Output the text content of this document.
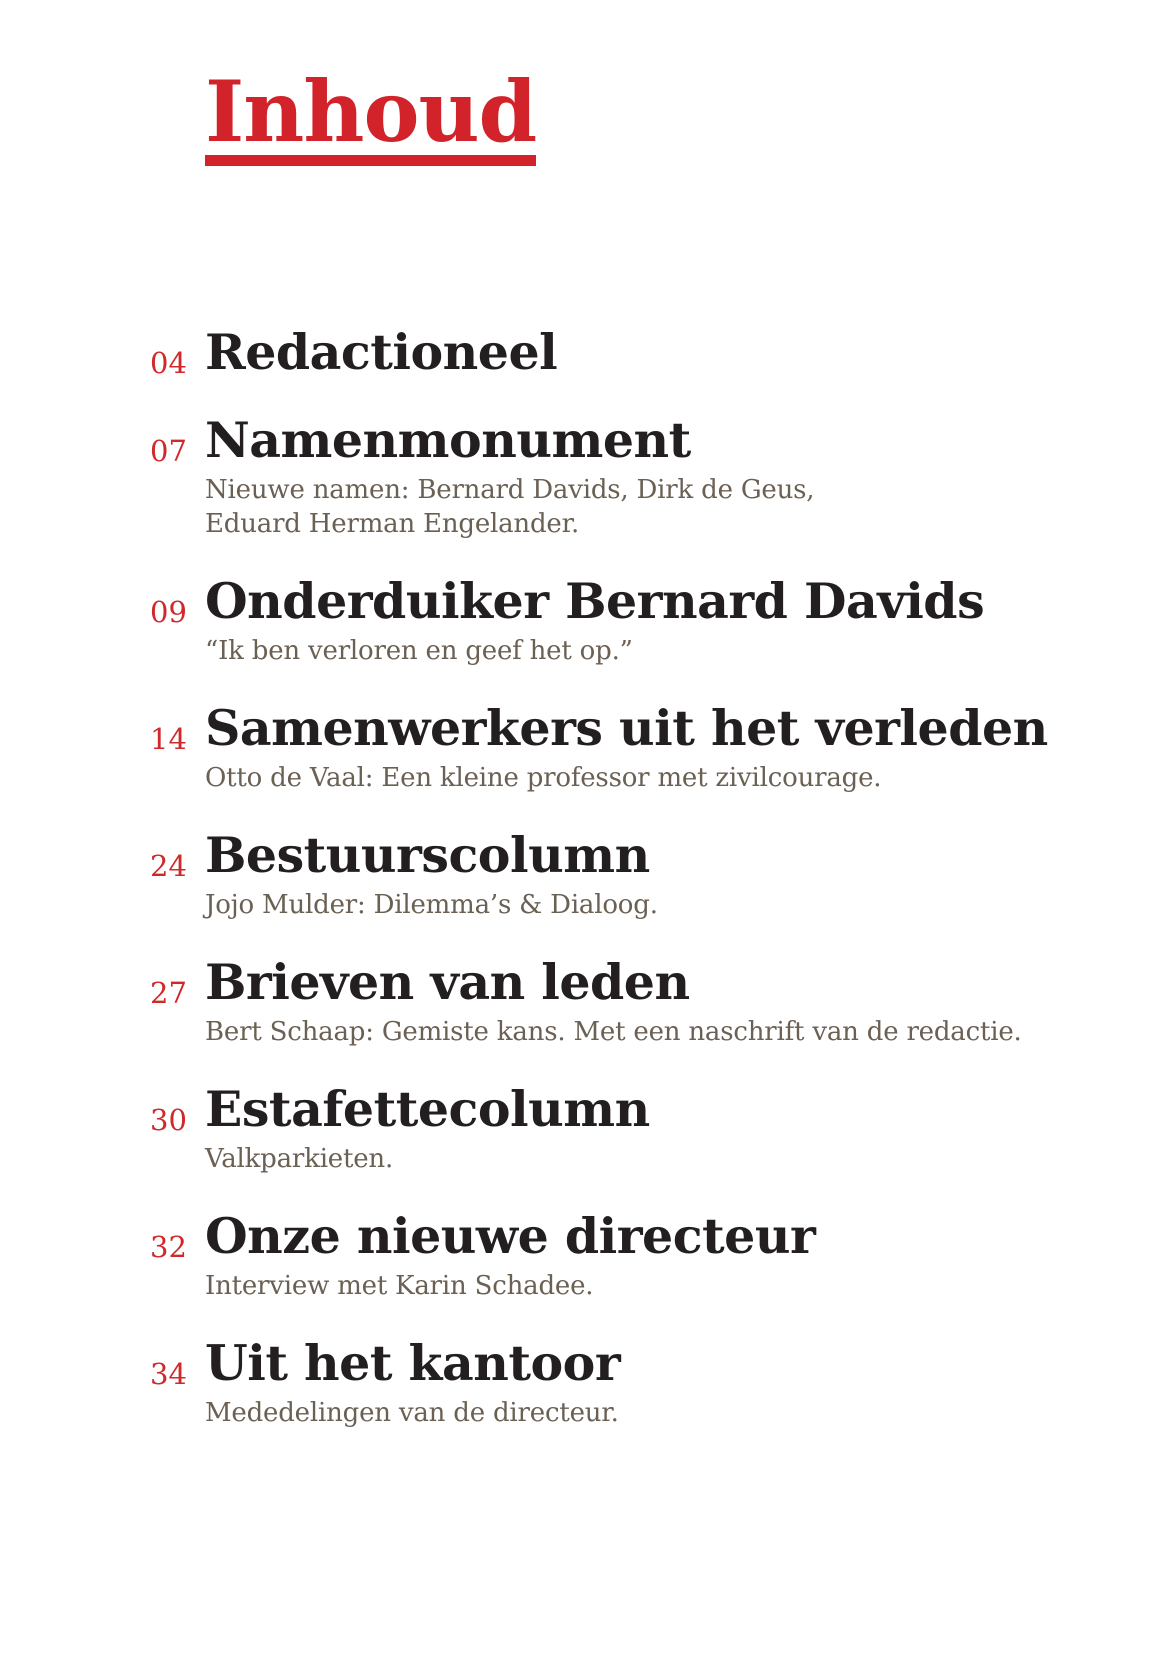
Inhoud
04 Redactioneel
07 Namenmonument
Nieuwe namen: Bernard Davids, Dirk de Geus,
Eduard Herman Engelander.
09 Onderduiker Bernard Davids
“Ik ben verloren en geef het op.”
14 Samenwerkers uit het verleden
Otto de Vaal: Een kleine professor met zivilcourage.
24 Bestuurscolumn
Jojo Mulder: Dilemma’s & Dialoog.
27 Brieven van leden
Bert Schaap: Gemiste kans. Met een naschrift van de redactie.
30 Estafettecolumn
Valkparkieten.
32 Onze nieuwe directeur
Interview met Karin Schadee.
34 Uit het kantoor
Mededelingen van de directeur.
